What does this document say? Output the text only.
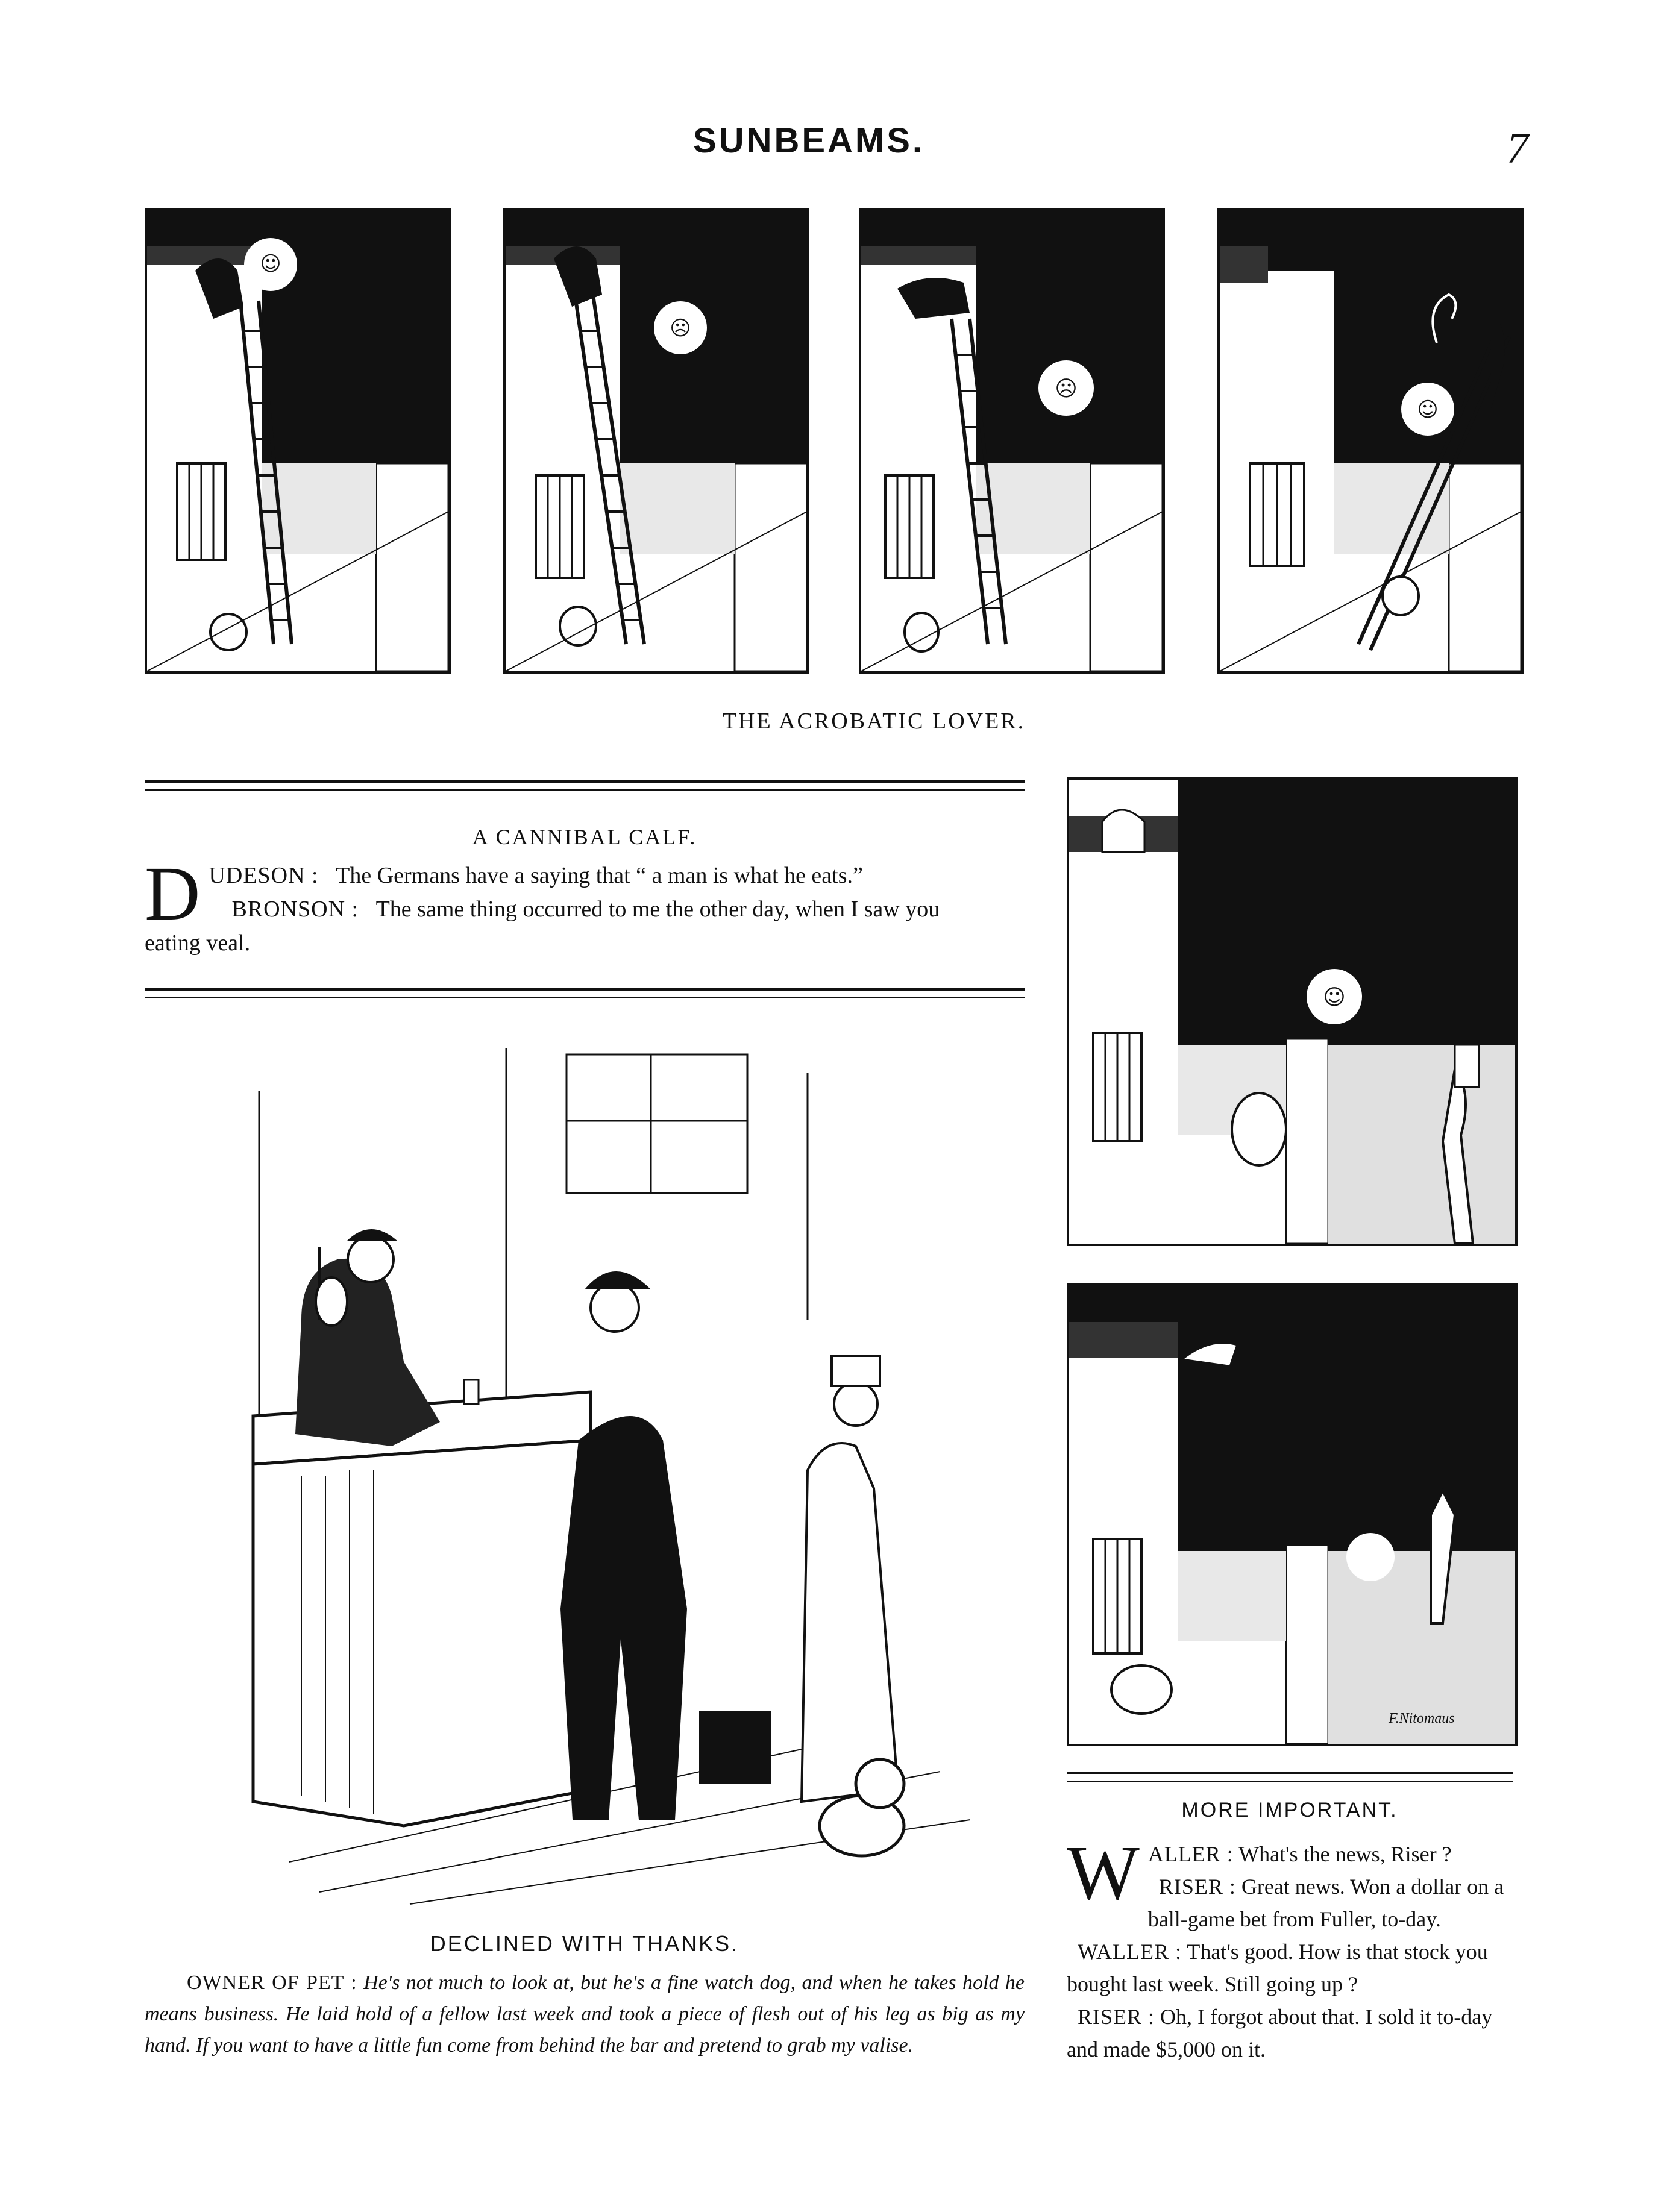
SUNBEAMS.	7
☺
☹
☹
☺
THE ACROBATIC LOVER.
A CANNIBAL CALF.
D UDESON : The Germans have a saying that “ a man is what he eats.”
BRONSON : The same thing occurred to me the other day, when I saw you eating veal.
DECLINED WITH THANKS.
OWNER OF PET : He's not much to look at, but he's a fine watch dog, and when he takes hold he means business. He laid hold of a fellow last week and took a piece of flesh out of his leg as big as my hand. If you want to have a little fun come from behind the bar and pretend to grab my valise.
☺
F.Nitomaus
MORE IMPORTANT.
W ALLER : What's the news, Riser ?
RISER : Great news. Won a dollar on a ball-game bet from Fuller, to-day.
WALLER : That's good. How is that stock you bought last week. Still going up ?
RISER : Oh, I forgot about that. I sold it to-day and made $5,000 on it.
